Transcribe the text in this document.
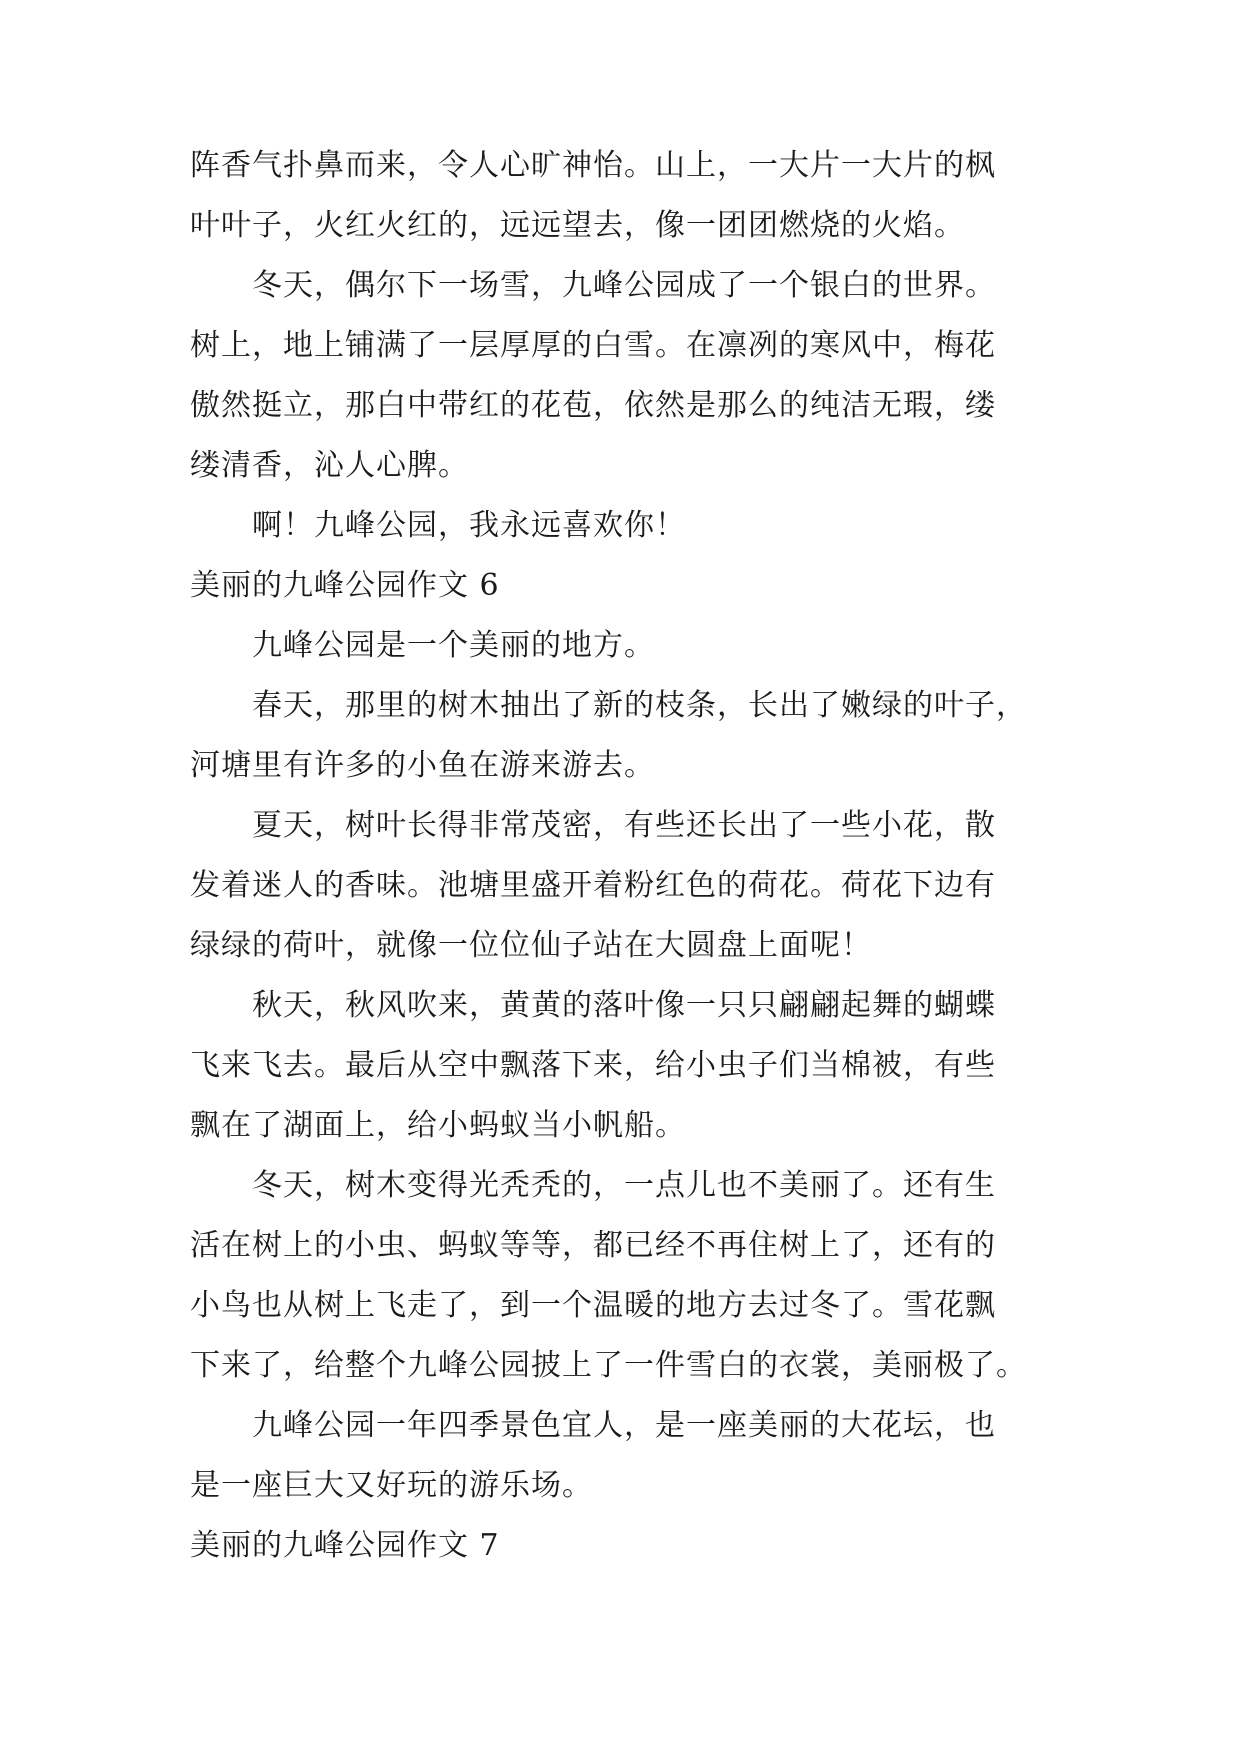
阵香气扑鼻而来，令人心旷神怡。山上，一大片一大片的枫
叶叶子，火红火红的，远远望去，像一团团燃烧的火焰。
冬天，偶尔下一场雪，九峰公园成了一个银白的世界。
树上，地上铺满了一层厚厚的白雪。在凛冽的寒风中，梅花
傲然挺立，那白中带红的花苞，依然是那么的纯洁无瑕，缕
缕清香，沁人心脾。
啊！九峰公园，我永远喜欢你！
美丽的九峰公园作文 6
九峰公园是一个美丽的地方。
春天，那里的树木抽出了新的枝条，长出了嫩绿的叶子，
河塘里有许多的小鱼在游来游去。
夏天，树叶长得非常茂密，有些还长出了一些小花，散
发着迷人的香味。池塘里盛开着粉红色的荷花。荷花下边有
绿绿的荷叶，就像一位位仙子站在大圆盘上面呢！
秋天，秋风吹来，黄黄的落叶像一只只翩翩起舞的蝴蝶
飞来飞去。最后从空中飘落下来，给小虫子们当棉被，有些
飘在了湖面上，给小蚂蚁当小帆船。
冬天，树木变得光秃秃的，一点儿也不美丽了。还有生
活在树上的小虫、蚂蚁等等，都已经不再住树上了，还有的
小鸟也从树上飞走了，到一个温暖的地方去过冬了。雪花飘
下来了，给整个九峰公园披上了一件雪白的衣裳，美丽极了。
九峰公园一年四季景色宜人，是一座美丽的大花坛，也
是一座巨大又好玩的游乐场。
美丽的九峰公园作文 7
